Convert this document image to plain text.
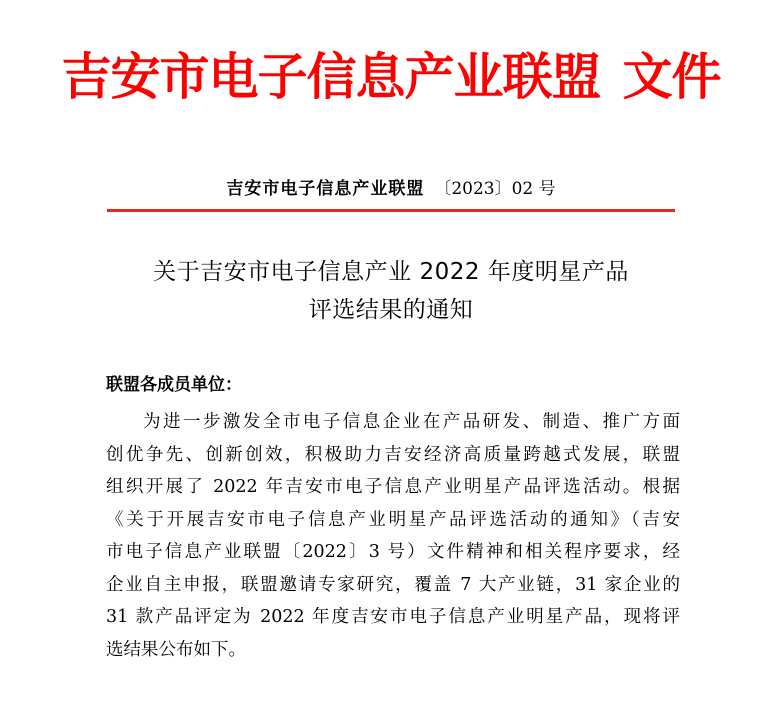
吉安市电子信息产业联盟 文件
吉安市电子信息产业联盟 〔2023〕02 号
关于吉安市电子信息产业 2022 年度明星产品
评选结果的通知
联盟各成员单位：
为进一步激发全市电子信息企业在产品研发、制造、推广方面
创优争先、创新创效，积极助力吉安经济高质量跨越式发展，联盟
组织开展了 2022 年吉安市电子信息产业明星产品评选活动。根据
《关于开展吉安市电子信息产业明星产品评选活动的通知》（吉安
市电子信息产业联盟〔2022〕3 号）文件精神和相关程序要求，经
企业自主申报，联盟邀请专家研究，覆盖 7 大产业链，31 家企业的
31 款产品评定为 2022 年度吉安市电子信息产业明星产品，现将评
选结果公布如下。
